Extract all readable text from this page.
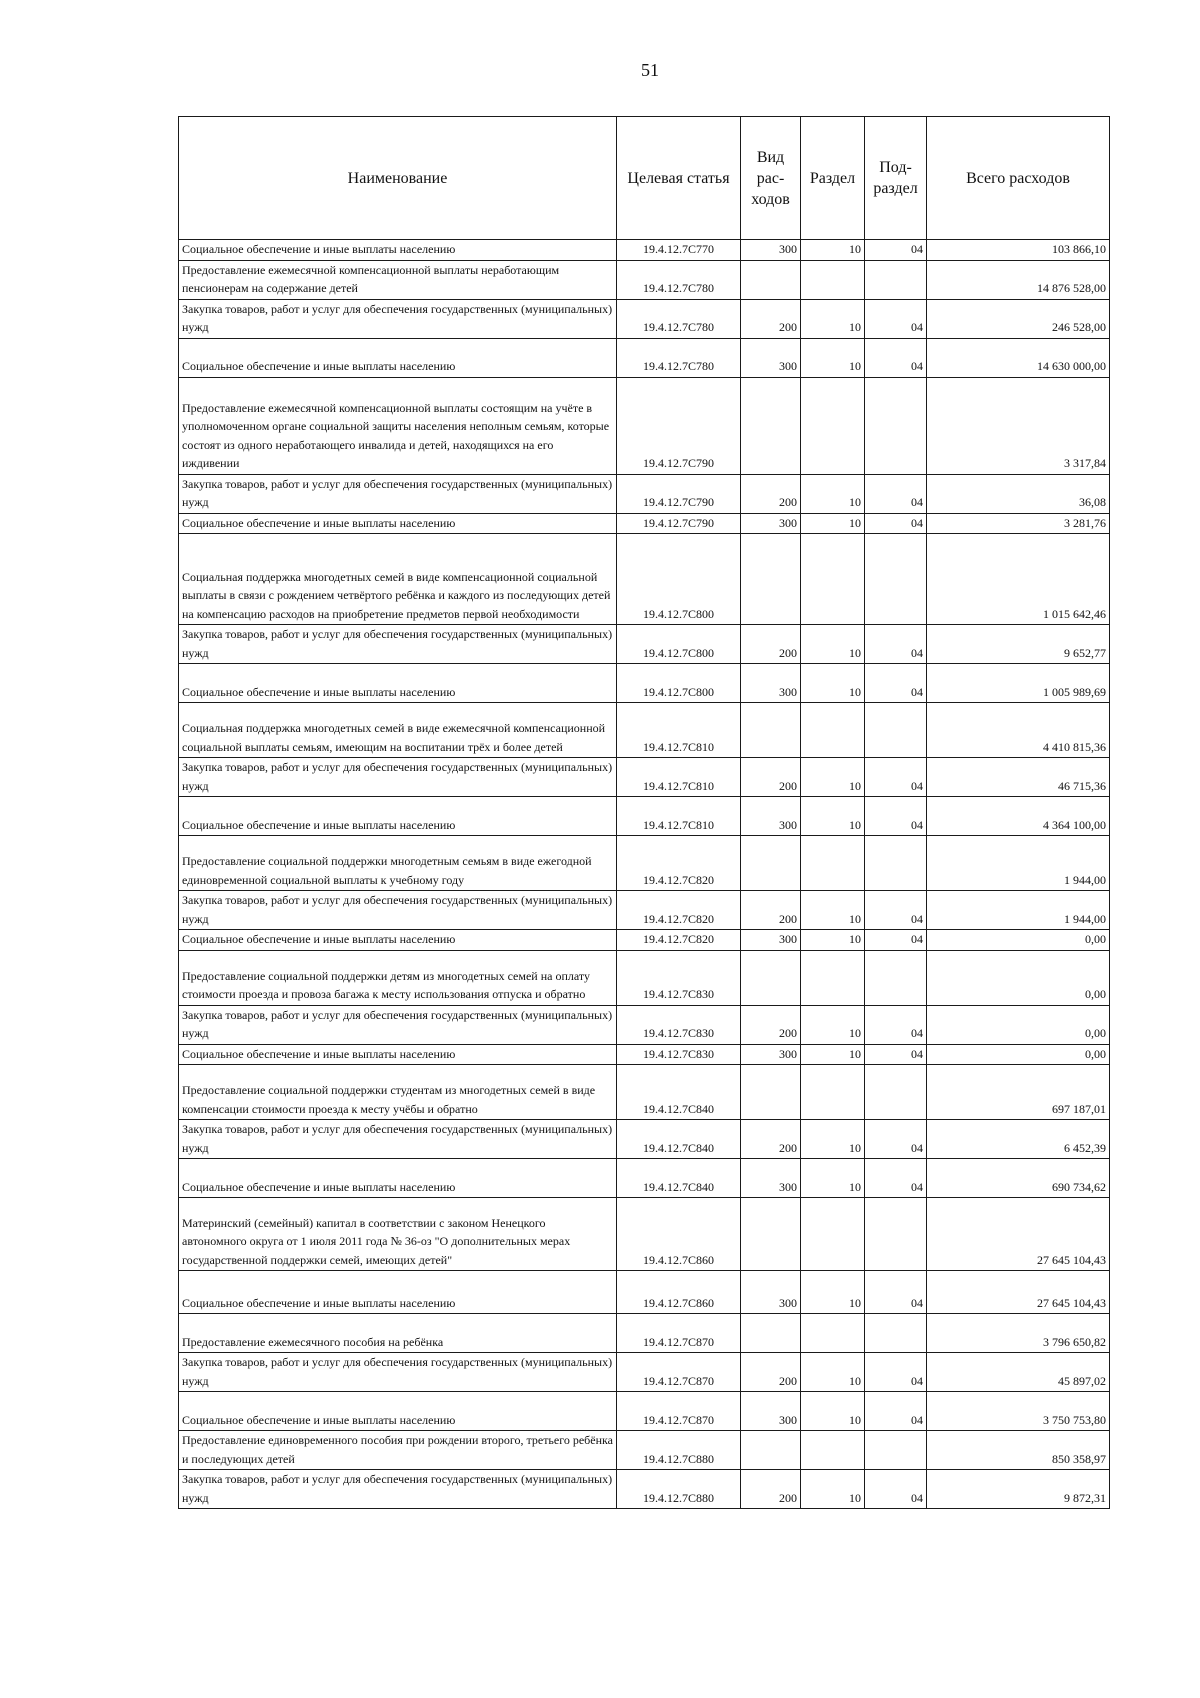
51
Наименование	Целевая статья	Вид рас- ходов	Раздел	Под- раздел	Всего расходов
Социальное обеспечение и иные выплаты населению	19.4.12.7С770	300	10	04	103 866,10
Предоставление ежемесячной компенсационной выплаты неработающим пенсионерам на содержание детей	19.4.12.7С780				14 876 528,00
Закупка товаров, работ и услуг для обеспечения государственных (муниципальных) нужд	19.4.12.7С780	200	10	04	246 528,00
Социальное обеспечение и иные выплаты населению	19.4.12.7С780	300	10	04	14 630 000,00
Предоставление ежемесячной компенсационной выплаты состоящим на учёте в уполномоченном органе социальной защиты населения неполным семьям, которые состоят из одного неработающего инвалида и детей, находящихся на его иждивении	19.4.12.7С790				3 317,84
Закупка товаров, работ и услуг для обеспечения государственных (муниципальных) нужд	19.4.12.7С790	200	10	04	36,08
Социальное обеспечение и иные выплаты населению	19.4.12.7С790	300	10	04	3 281,76
Социальная поддержка многодетных семей в виде компенсационной социальной выплаты в связи с рождением четвёртого ребёнка и каждого из последующих детей на компенсацию расходов на приобретение предметов первой необходимости	19.4.12.7С800				1 015 642,46
Закупка товаров, работ и услуг для обеспечения государственных (муниципальных) нужд	19.4.12.7С800	200	10	04	9 652,77
Социальное обеспечение и иные выплаты населению	19.4.12.7С800	300	10	04	1 005 989,69
Социальная поддержка многодетных семей в виде ежемесячной компенсационной социальной выплаты семьям, имеющим на воспитании трёх и более детей	19.4.12.7С810				4 410 815,36
Закупка товаров, работ и услуг для обеспечения государственных (муниципальных) нужд	19.4.12.7С810	200	10	04	46 715,36
Социальное обеспечение и иные выплаты населению	19.4.12.7С810	300	10	04	4 364 100,00
Предоставление социальной поддержки многодетным семьям в виде ежегодной единовременной социальной выплаты к учебному году	19.4.12.7С820				1 944,00
Закупка товаров, работ и услуг для обеспечения государственных (муниципальных) нужд	19.4.12.7С820	200	10	04	1 944,00
Социальное обеспечение и иные выплаты населению	19.4.12.7С820	300	10	04	0,00
Предоставление социальной поддержки детям из многодетных семей на оплату стоимости проезда и провоза багажа к месту использования отпуска и обратно	19.4.12.7С830				0,00
Закупка товаров, работ и услуг для обеспечения государственных (муниципальных) нужд	19.4.12.7С830	200	10	04	0,00
Социальное обеспечение и иные выплаты населению	19.4.12.7С830	300	10	04	0,00
Предоставление социальной поддержки студентам из многодетных семей в виде компенсации стоимости проезда к месту учёбы и обратно	19.4.12.7С840				697 187,01
Закупка товаров, работ и услуг для обеспечения государственных (муниципальных) нужд	19.4.12.7С840	200	10	04	6 452,39
Социальное обеспечение и иные выплаты населению	19.4.12.7С840	300	10	04	690 734,62
Материнский (семейный) капитал в соответствии с законом Ненецкого автономного округа от 1 июля 2011 года № 36-оз "О дополнительных мерах государственной поддержки семей, имеющих детей"	19.4.12.7С860				27 645 104,43
Социальное обеспечение и иные выплаты населению	19.4.12.7С860	300	10	04	27 645 104,43
Предоставление ежемесячного пособия на ребёнка	19.4.12.7С870				3 796 650,82
Закупка товаров, работ и услуг для обеспечения государственных (муниципальных) нужд	19.4.12.7С870	200	10	04	45 897,02
Социальное обеспечение и иные выплаты населению	19.4.12.7С870	300	10	04	3 750 753,80
Предоставление единовременного пособия при рождении второго, третьего ребёнка и последующих детей	19.4.12.7С880				850 358,97
Закупка товаров, работ и услуг для обеспечения государственных (муниципальных) нужд	19.4.12.7С880	200	10	04	9 872,31
